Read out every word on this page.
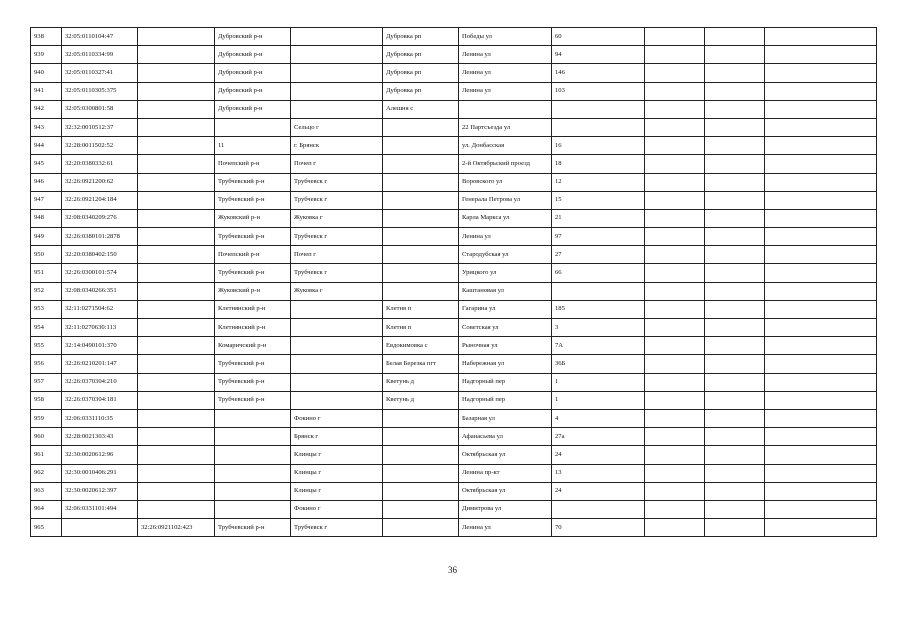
938	32:05:0110104:47		Дубровский р-н		Дубровка рп	Победы ул	60			
939	32:05:0110334:99		Дубровский р-н		Дубровка рп	Ленина ул	94			
940	32:05:0110327:41		Дубровский р-н		Дубровка рп	Ленина ул	146			
941	32:05:0110305:375		Дубровский р-н		Дубровка рп	Ленина ул	103			
942	32:05:0300801:58		Дубровский р-н		Алешня с					
943	32:32:0010512:37			Сельцо г		22 Партсъезда ул				
944	32:28:0011502:52		11	г. Брянск		ул. Донбасская	16			
945	32:20:0380332:61		Почепский р-н	Почеп г		2-й Октябрьский проезд	18			
946	32:26:0921200:62		Трубчевский р-н	Трубчевск г		Воровского ул	12			
947	32:26:0921204:184		Трубчевский р-н	Трубчевск г		Генерала Петрова ул	15			
948	32:08:0340209:276		Жуковский р-н	Жуковка г		Карла Маркса ул	21			
949	32:26:0380101:2878		Трубчевский р-н	Трубчевск г		Ленина ул	97			
950	32:20:0380402:150		Почепский р-н	Почеп г		Стародубская ул	27			
951	32:26:0300101:574		Трубчевский р-н	Трубчевск г		Урицкого ул	66			
952	32:08:0340266:351		Жуковский р-н	Жуковка г		Каштановая ул				
953	32:11:0271504:62		Клетнянский р-н		Клетня п	Гагарина ул	185			
954	32:11:0270630:113		Клетнянский р-н		Клетня п	Советская ул	3			
955	32:14:0490101:370		Комаричский р-н		Евдокимовка с	Рыночная ул	7А			
956	32:26:0210201:147		Трубчевский р-н		Белая Березка пгт	Набережная ул	36Б			
957	32:26:0370304:210		Трубчевский р-н		Кветунь д	Надгорный пер	1			
958	32:26:0370304:181		Трубчевский р-н		Кветунь д	Надгорный пер	1			
959	32:06:0331110:35			Фокино г		Базарная ул	4			
960	32:28:0021303:43			Брянск г		Афанасьева ул	27а			
961	32:30:0020612:96			Клинцы г		Октябрьская ул	24			
962	32:30:0010406:291			Клинцы г		Ленина пр-кт	13			
963	32:30:0020612:397			Клинцы г		Октябрьская ул	24			
964	32:06:0331101:494			Фокино г		Димитрова ул				
965		32:26:0921102:423	Трубчевский р-н	Трубчевск г		Ленина ул	70			
36
